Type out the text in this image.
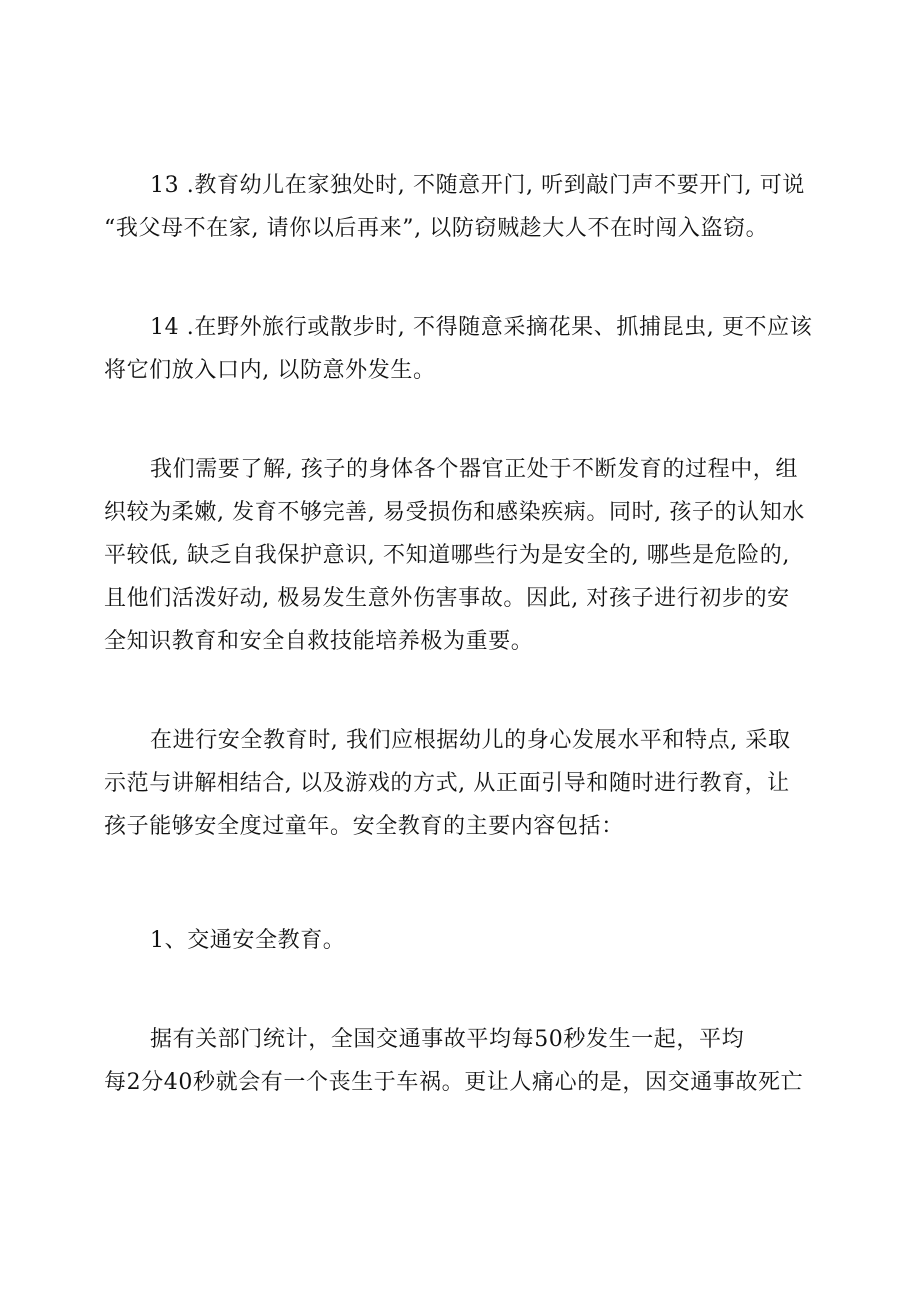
13 .教育幼儿在家独处时, 不随意开门, 听到敲门声不要开门, 可说
“我父母不在家, 请你以后再来”, 以防窃贼趁大人不在时闯入盗窃。
14 .在野外旅行或散步时, 不得随意采摘花果、抓捕昆虫, 更不应该
将它们放入口内, 以防意外发生。
我们需要了解, 孩子的身体各个器官正处于不断发育的过程中，组
织较为柔嫩, 发育不够完善, 易受损伤和感染疾病。同时, 孩子的认知水
平较低, 缺乏自我保护意识, 不知道哪些行为是安全的, 哪些是危险的,
且他们活泼好动, 极易发生意外伤害事故。因此, 对孩子进行初步的安
全知识教育和安全自救技能培养极为重要。
在进行安全教育时, 我们应根据幼儿的身心发展水平和特点, 采取
示范与讲解相结合, 以及游戏的方式, 从正面引导和随时进行教育，让
孩子能够安全度过童年。安全教育的主要内容包括：
1、交通安全教育。
据有关部门统计，全国交通事故平均每50秒发生一起，平均
每2分40秒就会有一个丧生于车祸。更让人痛心的是，因交通事故死亡
